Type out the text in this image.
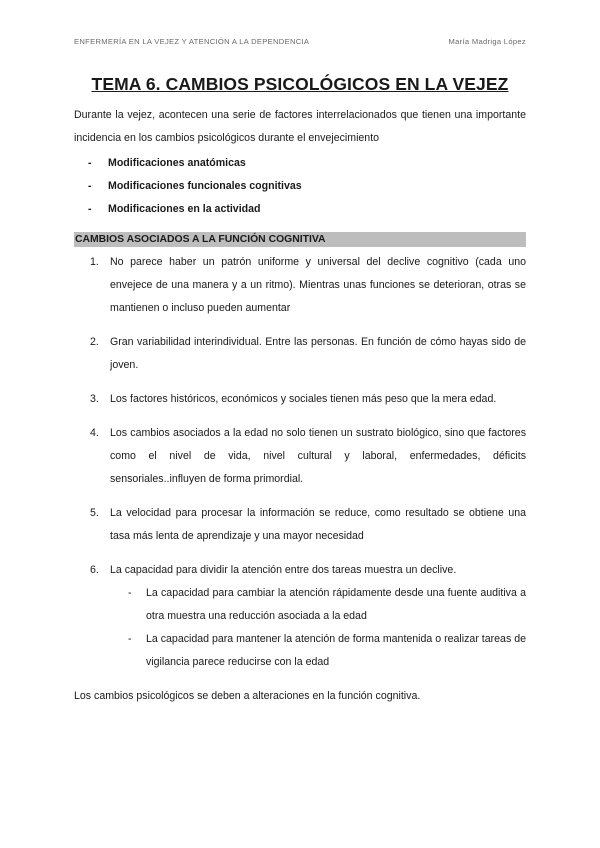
ENFERMERÍA EN LA VEJEZ Y ATENCIÓN A LA DEPENDENCIA	María Madriga López
TEMA 6. CAMBIOS PSICOLÓGICOS EN LA VEJEZ

Durante la vejez, acontecen una serie de factores interrelacionados que tienen una importante incidencia en los cambios psicológicos durante el envejecimiento

- Modificaciones anatómicas
- Modificaciones funcionales cognitivas
- Modificaciones en la actividad
CAMBIOS ASOCIADOS A LA FUNCIÓN COGNITIVA
1. No parece haber un patrón uniforme y universal del declive cognitivo (cada uno envejece de una manera y a un ritmo). Mientras unas funciones se deterioran, otras se mantienen o incluso pueden aumentar
2. Gran variabilidad interindividual. Entre las personas. En función de cómo hayas sido de joven.
3. Los factores históricos, económicos y sociales tienen más peso que la mera edad.
4. Los cambios asociados a la edad no solo tienen un sustrato biológico, sino que factores como el nivel de vida, nivel cultural y laboral, enfermedades, déficits sensoriales..influyen de forma primordial.
5. La velocidad para procesar la información se reduce, como resultado se obtiene una tasa más lenta de aprendizaje y una mayor necesidad
6. La capacidad para dividir la atención entre dos tareas muestra un declive.
- La capacidad para cambiar la atención rápidamente desde una fuente auditiva a otra muestra una reducción asociada a la edad
- La capacidad para mantener la atención de forma mantenida o realizar tareas de vigilancia parece reducirse con la edad

Los cambios psicológicos se deben a alteraciones en la función cognitiva.
